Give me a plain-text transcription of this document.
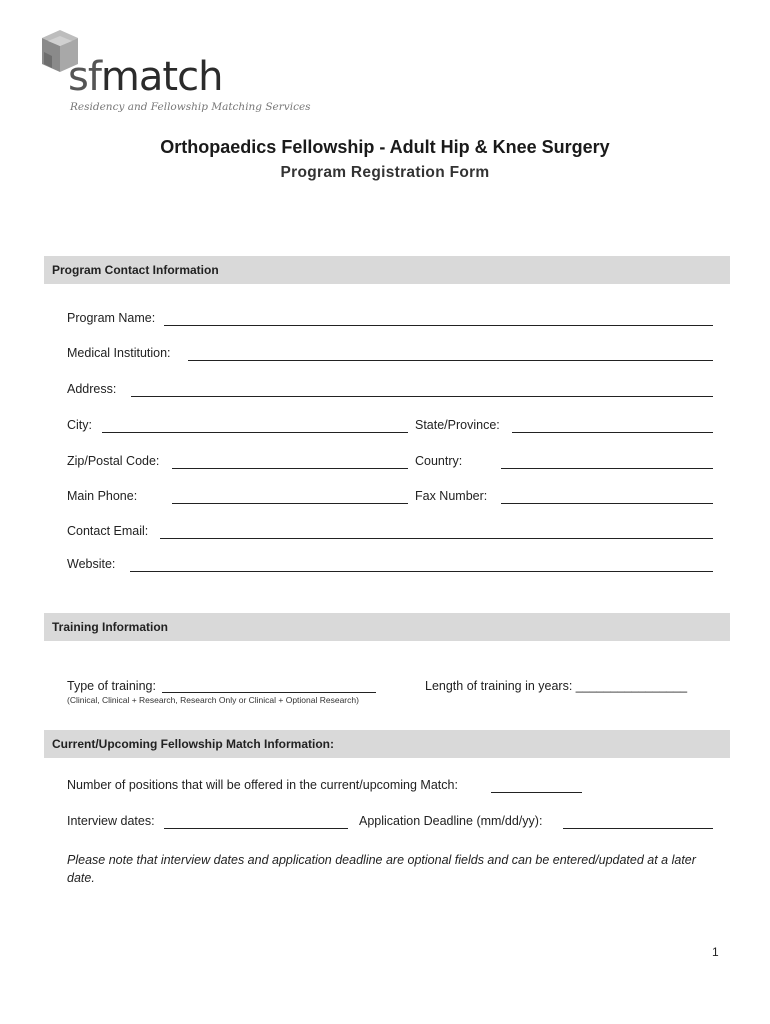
sfmatch
Residency and Fellowship Matching Services
Orthopaedics Fellowship - Adult Hip & Knee Surgery
Program Registration Form
Program Contact Information
Program Name:
Medical Institution:
Address:
City:	State/Province:
Zip/Postal Code:	Country:
Main Phone:	Fax Number:
Contact Email:
Website:
Training Information
Type of training:
(Clinical, Clinical + Research, Research Only or Clinical + Optional Research)
Length of training in years: ________________
Current/Upcoming Fellowship Match Information:
Number of positions that will be offered in the current/upcoming Match:
Interview dates:	Application Deadline (mm/dd/yy):
Please note that interview dates and application deadline are optional fields and can be entered/updated at a later date.
1
